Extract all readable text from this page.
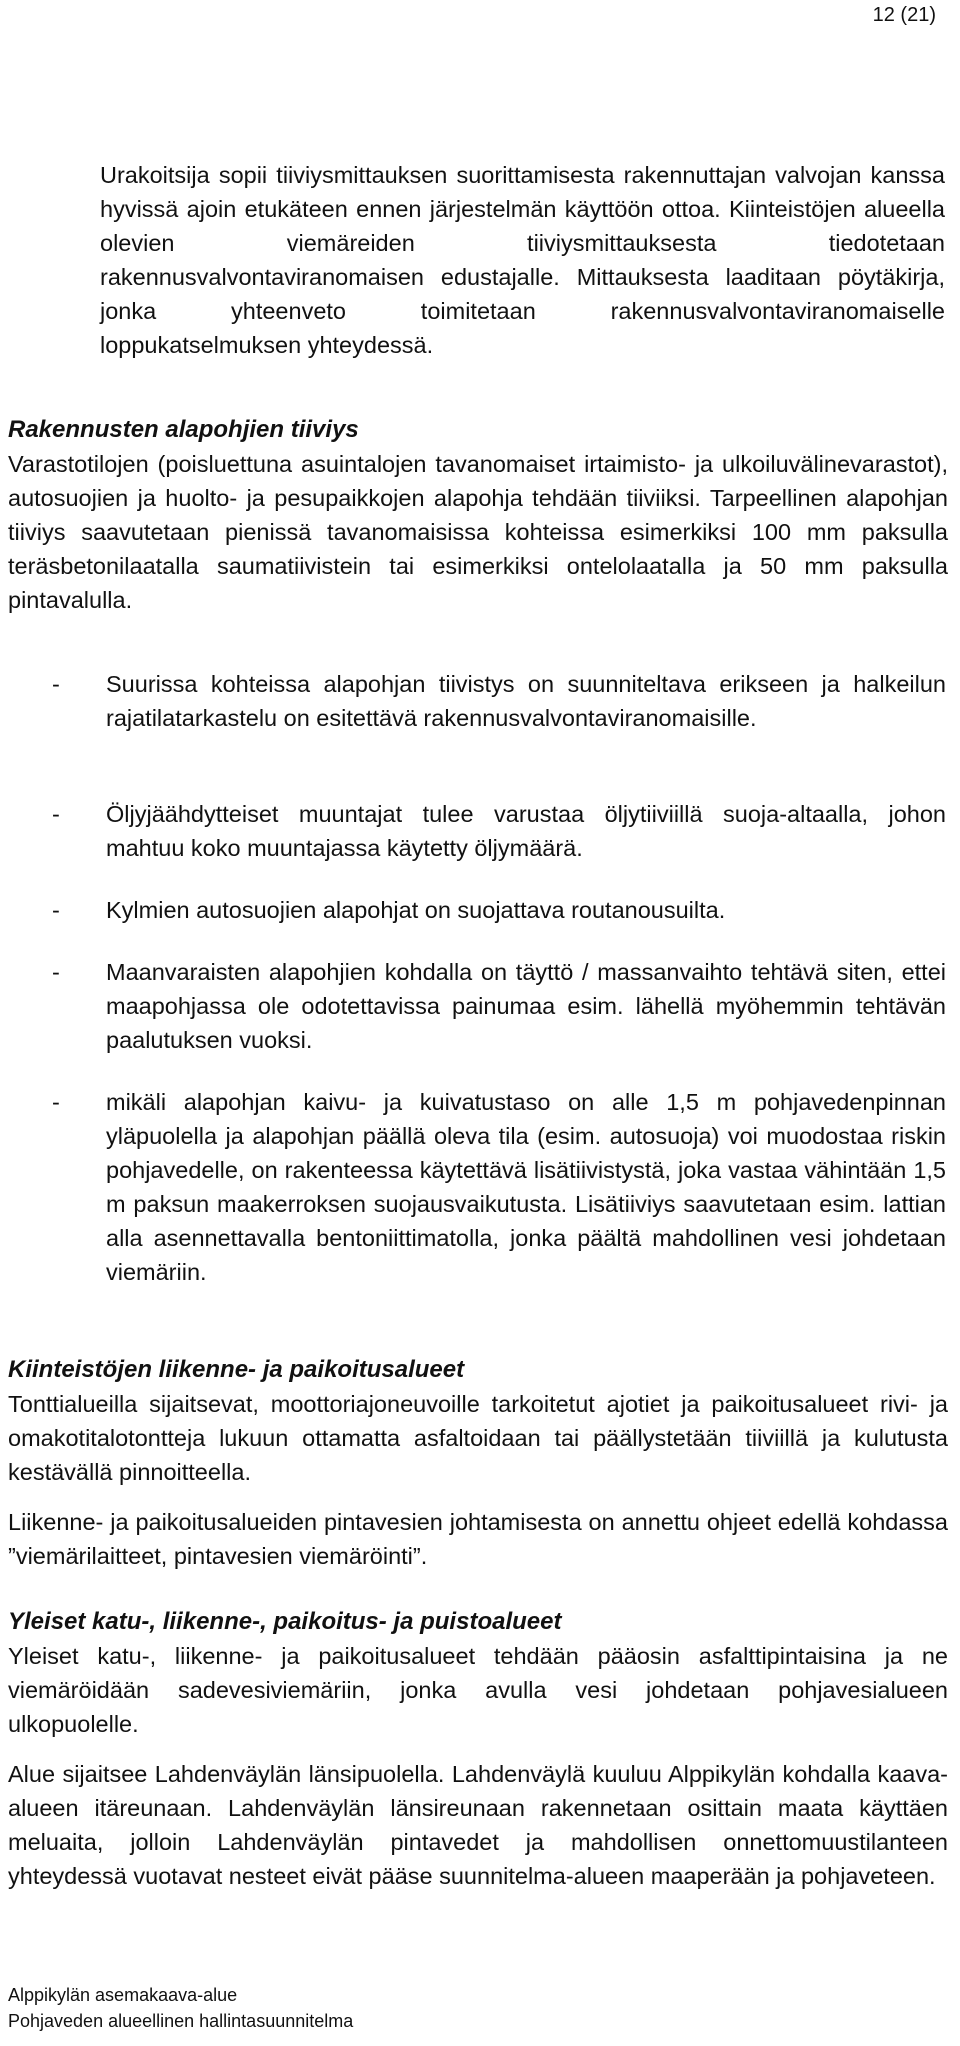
12 (21)

Urakoitsija sopii tiiviysmittauksen suorittamisesta rakennuttajan valvojan kanssa hyvissä ajoin etukäteen ennen järjestelmän käyttöön ottoa. Kiinteistöjen alueella olevien viemäreiden tiiviysmittauksesta tiedotetaan rakennusvalvontaviranomaisen edustajalle. Mittauksesta laaditaan pöytäkirja, jonka yhteenveto toimitetaan rakennusvalvontaviranomaiselle loppukatselmuksen yhteydessä.

Rakennusten alapohjien tiiviys

Varastotilojen (poisluettuna asuintalojen tavanomaiset irtaimisto- ja ulkoiluvälinevarastot), autosuojien ja huolto- ja pesupaikkojen alapohja tehdään tiiviiksi. Tarpeellinen alapohjan tiiviys saavutetaan pienissä tavanomaisissa kohteissa esimerkiksi 100 mm paksulla teräsbetonilaatalla saumatiivistein tai esimerkiksi ontelolaatalla ja 50 mm paksulla pintavalulla.

- Suurissa kohteissa alapohjan tiivistys on suunniteltava erikseen ja halkeilun rajatilatarkastelu on esitettävä rakennusvalvontaviranomaisille.
- Öljyjäähdytteiset muuntajat tulee varustaa öljytiiviillä suoja-altaalla, johon mahtuu koko muuntajassa käytetty öljymäärä.
- Kylmien autosuojien alapohjat on suojattava routanousuilta.
- Maanvaraisten alapohjien kohdalla on täyttö / massanvaihto tehtävä siten, ettei maapohjassa ole odotettavissa painumaa esim. lähellä myöhemmin tehtävän paalutuksen vuoksi.
- mikäli alapohjan kaivu- ja kuivatustaso on alle 1,5 m pohjavedenpinnan yläpuolella ja alapohjan päällä oleva tila (esim. autosuoja) voi muodostaa riskin pohjavedelle, on rakenteessa käytettävä lisätiivistystä, joka vastaa vähintään 1,5 m paksun maakerroksen suojausvaikutusta. Lisätiiviys saavutetaan esim. lattian alla asennettavalla bentoniittimatolla, jonka päältä mahdollinen vesi johdetaan viemäriin.
Kiinteistöjen liikenne- ja paikoitusalueet

Tonttialueilla sijaitsevat, moottoriajoneuvoille tarkoitetut ajotiet ja paikoitusalueet rivi- ja omakotitalotontteja lukuun ottamatta asfaltoidaan tai päällystetään tiiviillä ja kulutusta kestävällä pinnoitteella.

Liikenne- ja paikoitusalueiden pintavesien johtamisesta on annettu ohjeet edellä kohdassa ”viemärilaitteet, pintavesien viemäröinti”.

Yleiset katu-, liikenne-, paikoitus- ja puistoalueet

Yleiset katu-, liikenne- ja paikoitusalueet tehdään pääosin asfalttipintaisina ja ne viemäröidään sadevesiviemäriin, jonka avulla vesi johdetaan pohjavesialueen ulkopuolelle.

Alue sijaitsee Lahdenväylän länsipuolella. Lahdenväylä kuuluu Alppikylän kohdalla kaava-alueen itäreunaan. Lahdenväylän länsireunaan rakennetaan osittain maata käyttäen meluaita, jolloin Lahdenväylän pintavedet ja mahdollisen onnettomuustilanteen yhteydessä vuotavat nesteet eivät pääse suunnitelma-alueen maaperään ja pohjaveteen.

Alppikylän asemakaava-alue
Pohjaveden alueellinen hallintasuunnitelma
